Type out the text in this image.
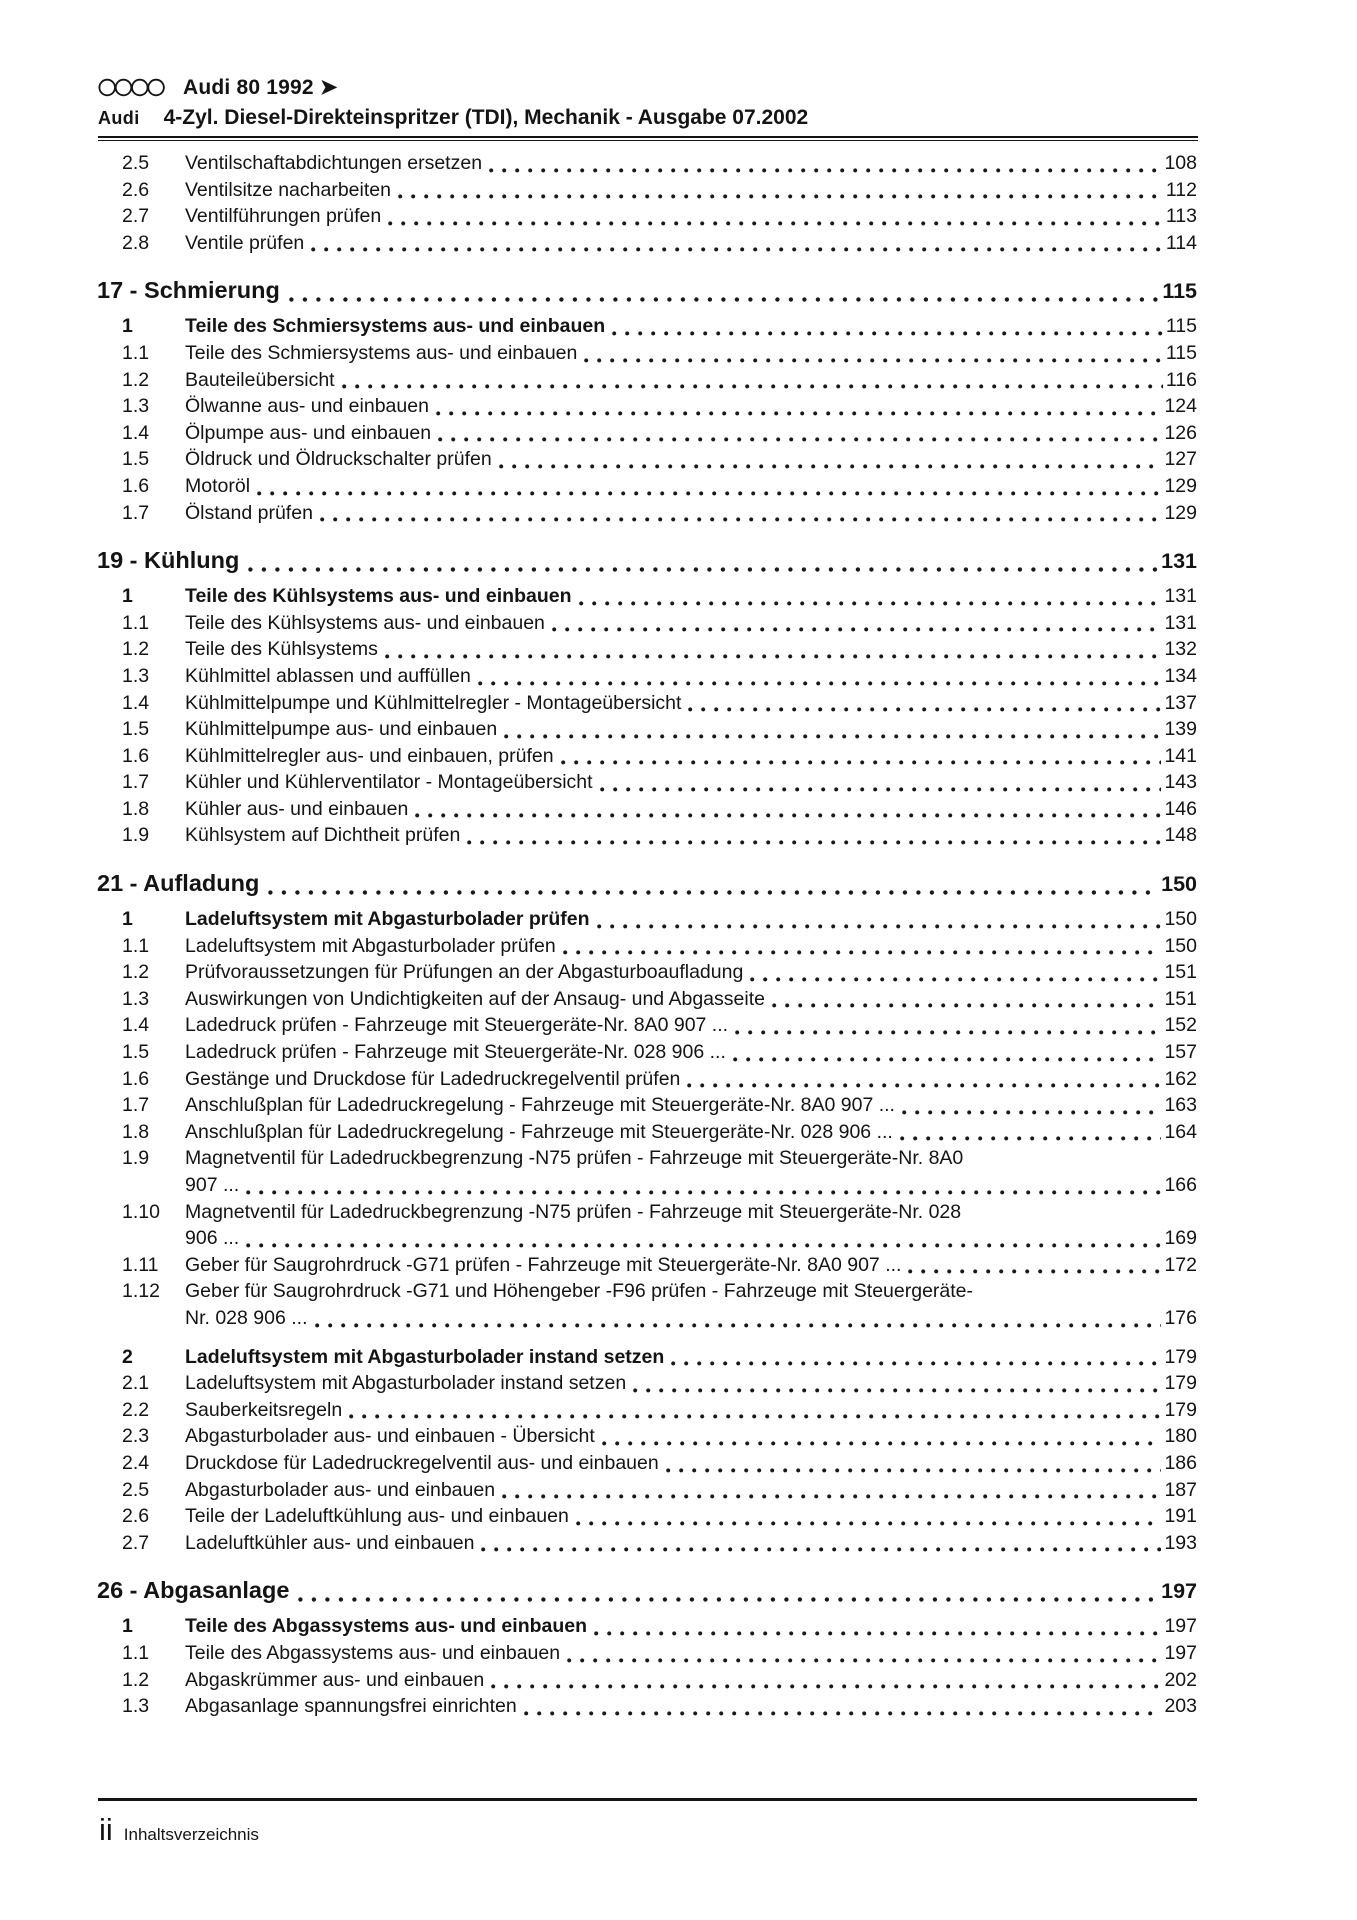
Audi 80 1992 ➤
Audi 4-Zyl. Diesel-Direkteinspritzer (TDI), Mechanik - Ausgabe 07.2002
2.5	Ventilschaftabdichtungen ersetzen	108
2.6	Ventilsitze nacharbeiten	112
2.7	Ventilführungen prüfen	113
2.8	Ventile prüfen	114
17 - Schmierung	115
1	Teile des Schmiersystems aus- und einbauen	115
1.1	Teile des Schmiersystems aus- und einbauen	115
1.2	Bauteileübersicht	116
1.3	Ölwanne aus- und einbauen	124
1.4	Ölpumpe aus- und einbauen	126
1.5	Öldruck und Öldruckschalter prüfen	127
1.6	Motoröl	129
1.7	Ölstand prüfen	129
19 - Kühlung	131
1	Teile des Kühlsystems aus- und einbauen	131
1.1	Teile des Kühlsystems aus- und einbauen	131
1.2	Teile des Kühlsystems	132
1.3	Kühlmittel ablassen und auffüllen	134
1.4	Kühlmittelpumpe und Kühlmittelregler - Montageübersicht	137
1.5	Kühlmittelpumpe aus- und einbauen	139
1.6	Kühlmittelregler aus- und einbauen, prüfen	141
1.7	Kühler und Kühlerventilator - Montageübersicht	143
1.8	Kühler aus- und einbauen	146
1.9	Kühlsystem auf Dichtheit prüfen	148
21 - Aufladung	150
1	Ladeluftsystem mit Abgasturbolader prüfen	150
1.1	Ladeluftsystem mit Abgasturbolader prüfen	150
1.2	Prüfvoraussetzungen für Prüfungen an der Abgasturboaufladung	151
1.3	Auswirkungen von Undichtigkeiten auf der Ansaug- und Abgasseite	151
1.4	Ladedruck prüfen - Fahrzeuge mit Steuergeräte-Nr. 8A0 907 ...	152
1.5	Ladedruck prüfen - Fahrzeuge mit Steuergeräte-Nr. 028 906 ...	157
1.6	Gestänge und Druckdose für Ladedruckregelventil prüfen	162
1.7	Anschlußplan für Ladedruckregelung - Fahrzeuge mit Steuergeräte-Nr. 8A0 907 ...	163
1.8	Anschlußplan für Ladedruckregelung - Fahrzeuge mit Steuergeräte-Nr. 028 906 ...	164
1.9	Magnetventil für Ladedruckbegrenzung -N75 prüfen - Fahrzeuge mit Steuergeräte-Nr. 8A0
907 ...	166
1.10	Magnetventil für Ladedruckbegrenzung -N75 prüfen - Fahrzeuge mit Steuergeräte-Nr. 028
906 ...	169
1.11	Geber für Saugrohrdruck -G71 prüfen - Fahrzeuge mit Steuergeräte-Nr. 8A0 907 ...	172
1.12	Geber für Saugrohrdruck -G71 und Höhengeber -F96 prüfen - Fahrzeuge mit Steuergeräte-
Nr. 028 906 ...	176
2	Ladeluftsystem mit Abgasturbolader instand setzen	179
2.1	Ladeluftsystem mit Abgasturbolader instand setzen	179
2.2	Sauberkeitsregeln	179
2.3	Abgasturbolader aus- und einbauen - Übersicht	180
2.4	Druckdose für Ladedruckregelventil aus- und einbauen	186
2.5	Abgasturbolader aus- und einbauen	187
2.6	Teile der Ladeluftkühlung aus- und einbauen	191
2.7	Ladeluftkühler aus- und einbauen	193
26 - Abgasanlage	197
1	Teile des Abgassystems aus- und einbauen	197
1.1	Teile des Abgassystems aus- und einbauen	197
1.2	Abgaskrümmer aus- und einbauen	202
1.3	Abgasanlage spannungsfrei einrichten	203
ii Inhaltsverzeichnis
